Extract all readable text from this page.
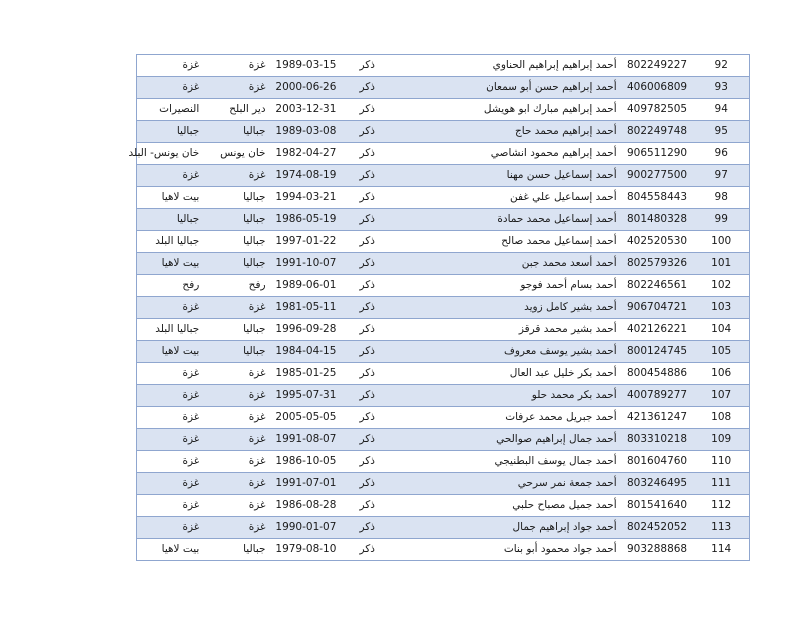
92	802249227	أحمد إبراهيم إبراهيم الحناوي	ذكر	1989-03-15	غزة	غزة
93	406006809	أحمد إبراهيم حسن أبو سمعان	ذكر	2000-06-26	غزة	غزة
94	409782505	أحمد إبراهيم مبارك ابو هويشل	ذكر	2003-12-31	دير البلح	النصيرات
95	802249748	أحمد إبراهيم محمد حاج	ذكر	1989-03-08	جباليا	جباليا
96	906511290	أحمد إبراهيم محمود انشاصي	ذكر	1982-04-27	خان يونس	خان يونس- البلد
97	900277500	أحمد إسماعيل حسن مهنا	ذكر	1974-08-19	غزة	غزة
98	804558443	أحمد إسماعيل علي غفن	ذكر	1994-03-21	جباليا	بيت لاهيا
99	801480328	أحمد إسماعيل محمد حمادة	ذكر	1986-05-19	جباليا	جباليا
100	402520530	أحمد إسماعيل محمد صالح	ذكر	1997-01-22	جباليا	جباليا البلد
101	802579326	أحمد أسعد محمد جبن	ذكر	1991-10-07	جباليا	بيت لاهيا
102	802246561	أحمد بسام أحمد فوجو	ذكر	1989-06-01	رفح	رفح
103	906704721	أحمد بشير كامل زويد	ذكر	1981-05-11	غزة	غزة
104	402126221	أحمد بشير محمد قرقز	ذكر	1996-09-28	جباليا	جباليا البلد
105	800124745	أحمد بشير يوسف معروف	ذكر	1984-04-15	جباليا	بيت لاهيا
106	800454886	أحمد بكر خليل عبد العال	ذكر	1985-01-25	غزة	غزة
107	400789277	أحمد بكر محمد حلو	ذكر	1995-07-31	غزة	غزة
108	421361247	أحمد جبريل محمد عرفات	ذكر	2005-05-05	غزة	غزة
109	803310218	أحمد جمال إبراهيم صوالحي	ذكر	1991-08-07	غزة	غزة
110	801604760	أحمد جمال يوسف البطنيجي	ذكر	1986-10-05	غزة	غزة
111	803246495	أحمد جمعة نمر سرحي	ذكر	1991-07-01	غزة	غزة
112	801541640	أحمد جميل مصباح حلبي	ذكر	1986-08-28	غزة	غزة
113	802452052	أحمد جواد إبراهيم جمال	ذكر	1990-01-07	غزة	غزة
114	903288868	أحمد جواد محمود أبو بنات	ذكر	1979-08-10	جباليا	بيت لاهيا
